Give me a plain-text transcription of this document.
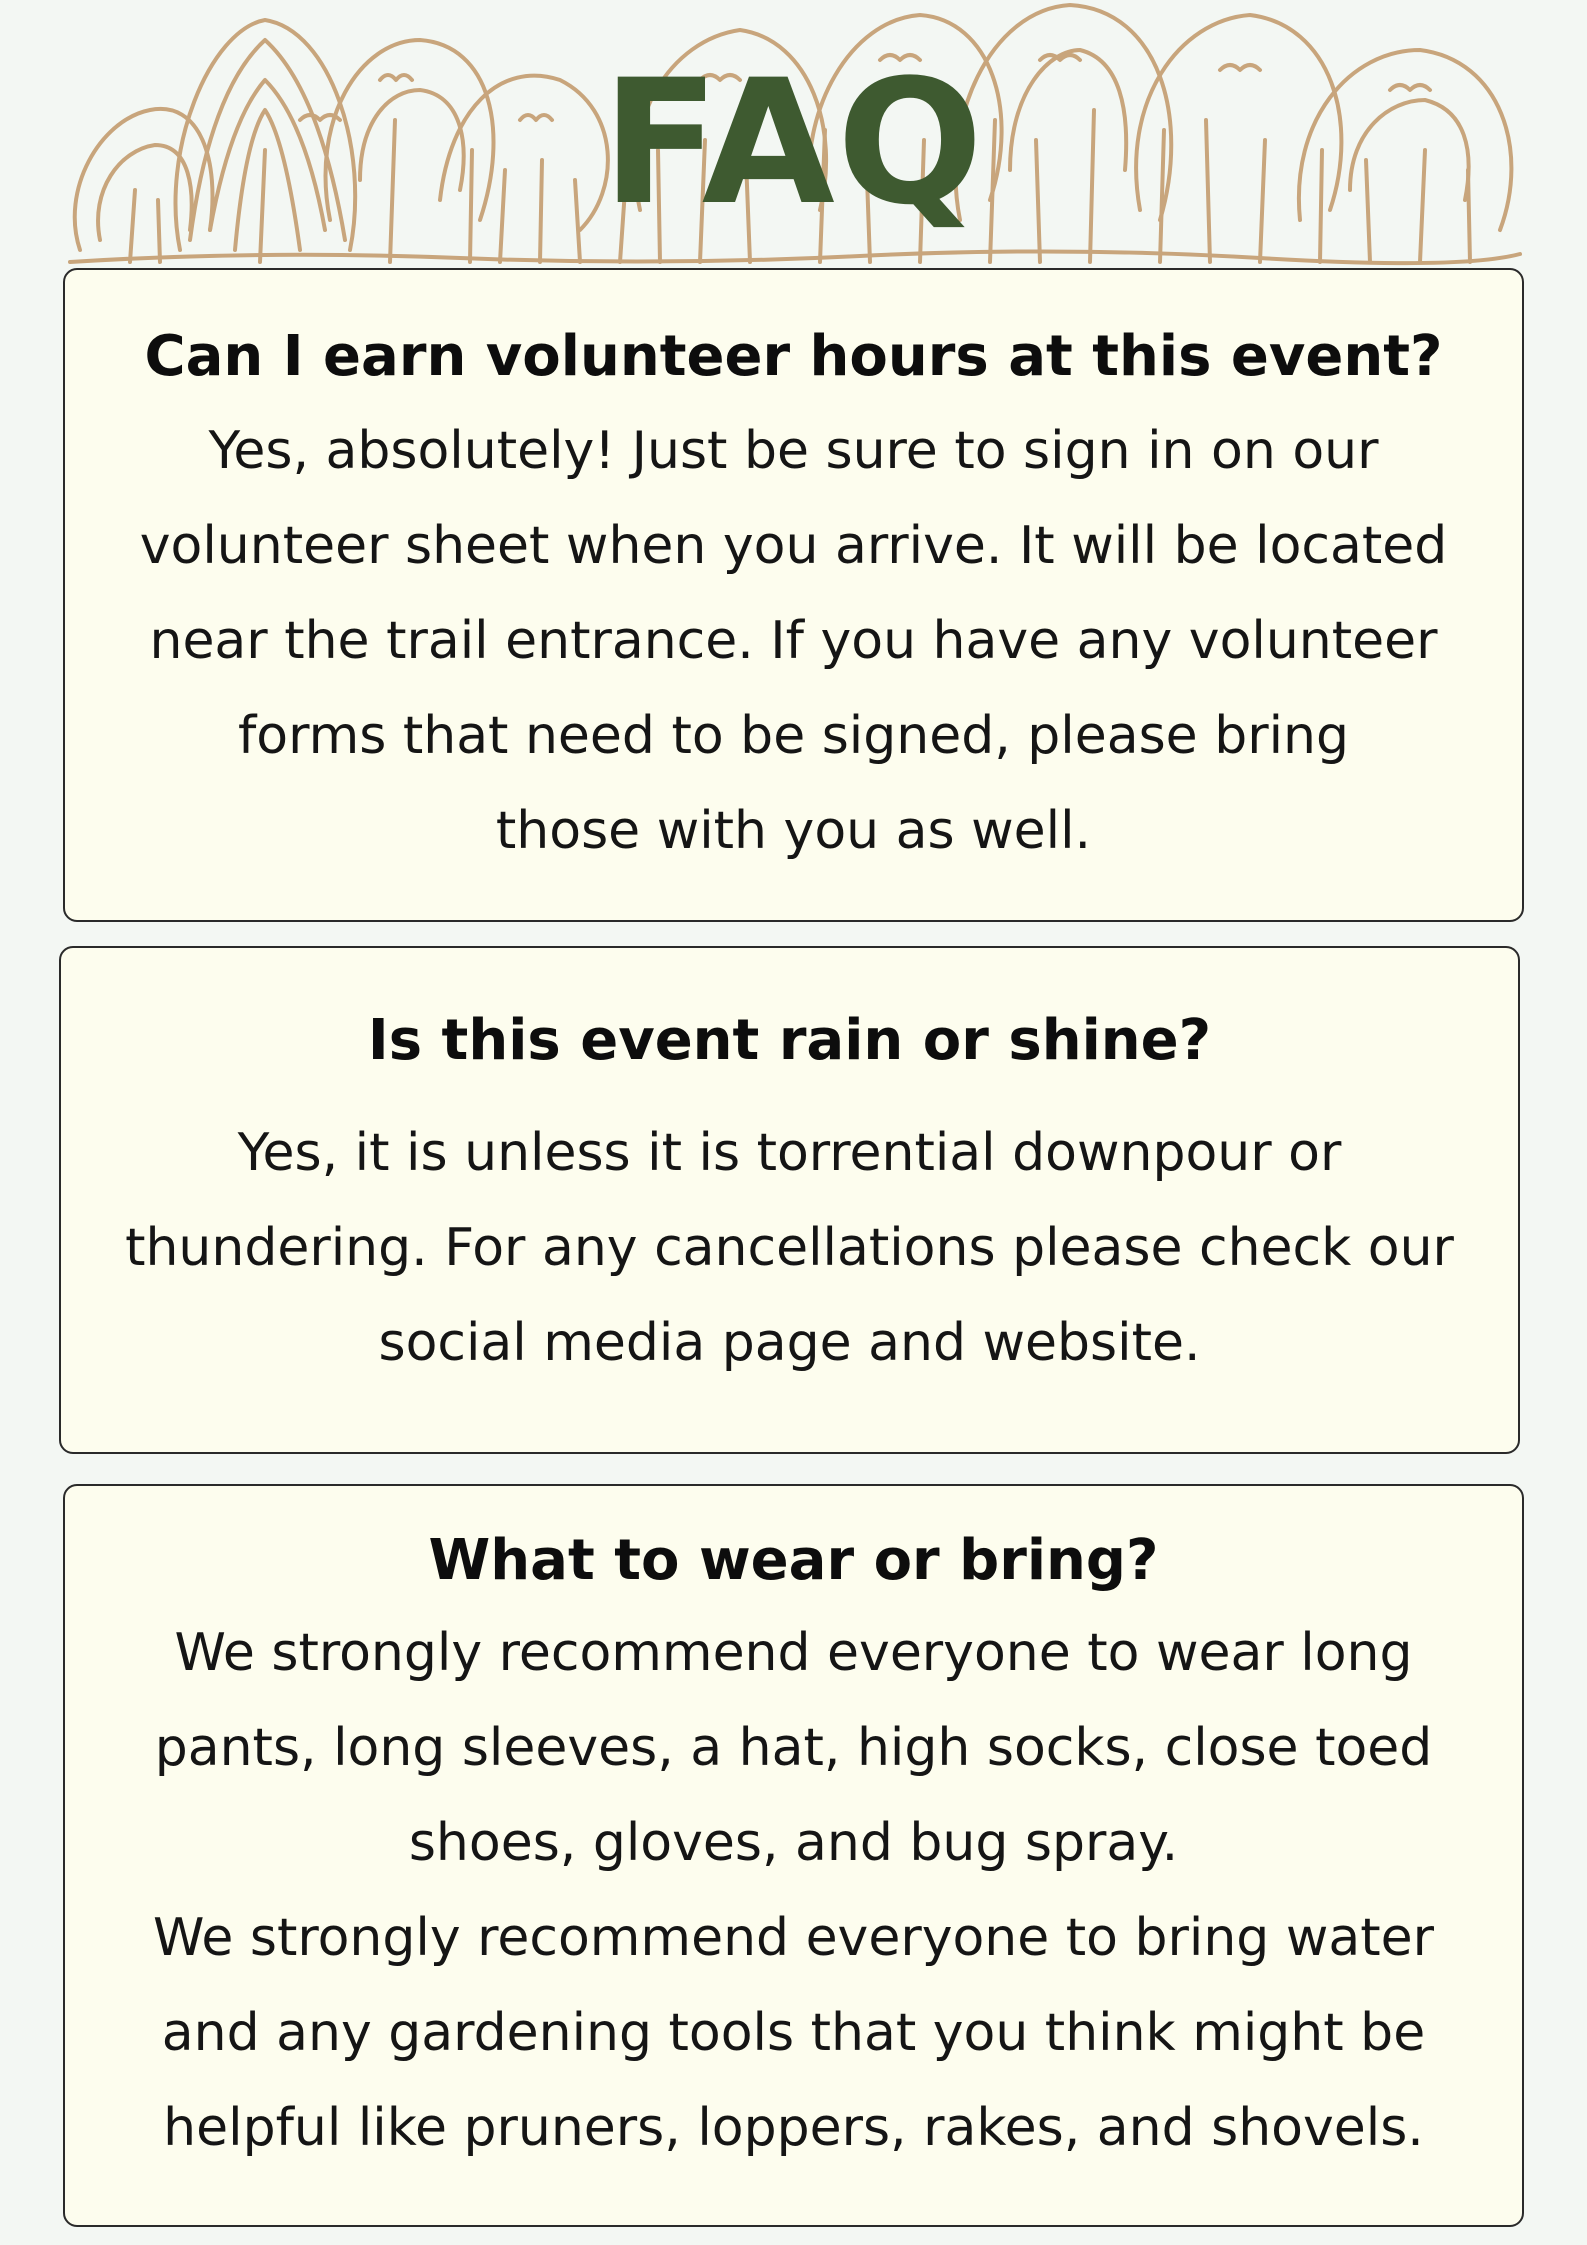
FAQ
Can I earn volunteer hours at this event?

Yes, absolutely! Just be sure to sign in on our
volunteer sheet when you arrive. It will be located
near the trail entrance. If you have any volunteer
forms that need to be signed, please bring
those with you as well.

Is this event rain or shine?

Yes, it is unless it is torrential downpour or
thundering. For any cancellations please check our
social media page and website.

What to wear or bring?

We strongly recommend everyone to wear long
pants, long sleeves, a hat, high socks, close toed
shoes, gloves, and bug spray.
We strongly recommend everyone to bring water
and any gardening tools that you think might be
helpful like pruners, loppers, rakes, and shovels.
